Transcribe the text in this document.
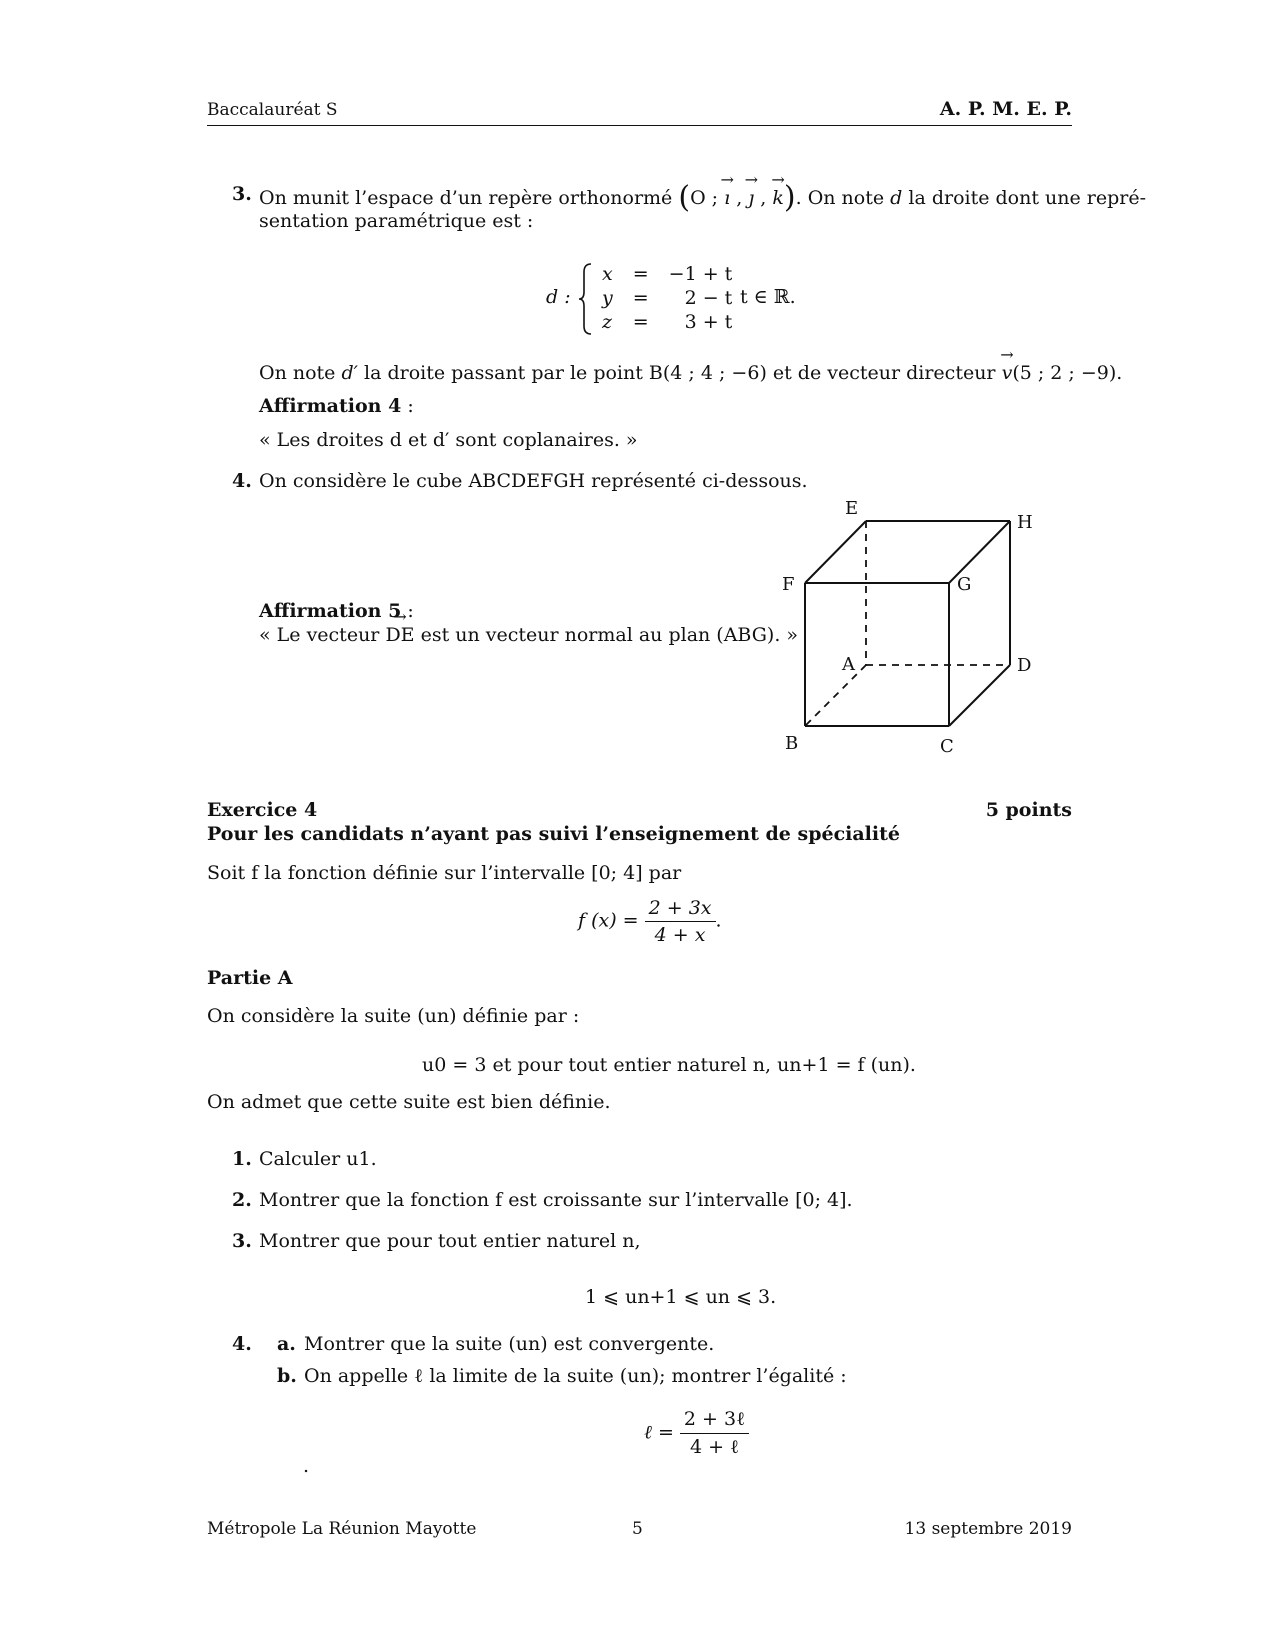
Baccalauréat S	A. P. M. E. P.
3. On munit l’espace d’un repère orthonormé (O ; → ı , → ȷ , → k). On note d la droite dont une repré-
sentation paramétrique est :
d :
x	=	−1 + t
y	=	2 − t
z	=	3 + t
t ∈ ℝ.
On note d′ la droite passant par le point B(4 ; 4 ; −6) et de vecteur directeur → v(5 ; 2 ; −9).
Affirmation 4 :
« Les droites d et d′ sont coplanaires. »
4. On considère le cube ABCDEFGH représenté ci-dessous.
Affirmation 5 :
« Le vecteur → DE est un vecteur normal au plan (ABG). »
E
H
F	G
A	D
B	C
Exercice 4	5 points
Pour les candidats n’ayant pas suivi l’enseignement de spécialité
Soit f la fonction définie sur l’intervalle [0; 4] par
f $(x) = \frac{2 + 3x}{4 + x}$ .
Partie A
On considère la suite (un) définie par :
u0 = 3 et pour tout entier naturel n, un+1 = f (un).
On admet que cette suite est bien définie.
1. Calculer u1.
2. Montrer que la fonction f est croissante sur l’intervalle [0; 4].
3. Montrer que pour tout entier naturel n,
1 ⩽ un+1 ⩽ un ⩽ 3.
4. a. Montrer que la suite (un) est convergente.
b. On appelle ℓ la limite de la suite (un); montrer l’égalité :
ℓ = $\frac{\text{2 + 3ℓ}}{\text{4 + ℓ}}$
.
Métropole La Réunion Mayotte	5	13 septembre 2019
